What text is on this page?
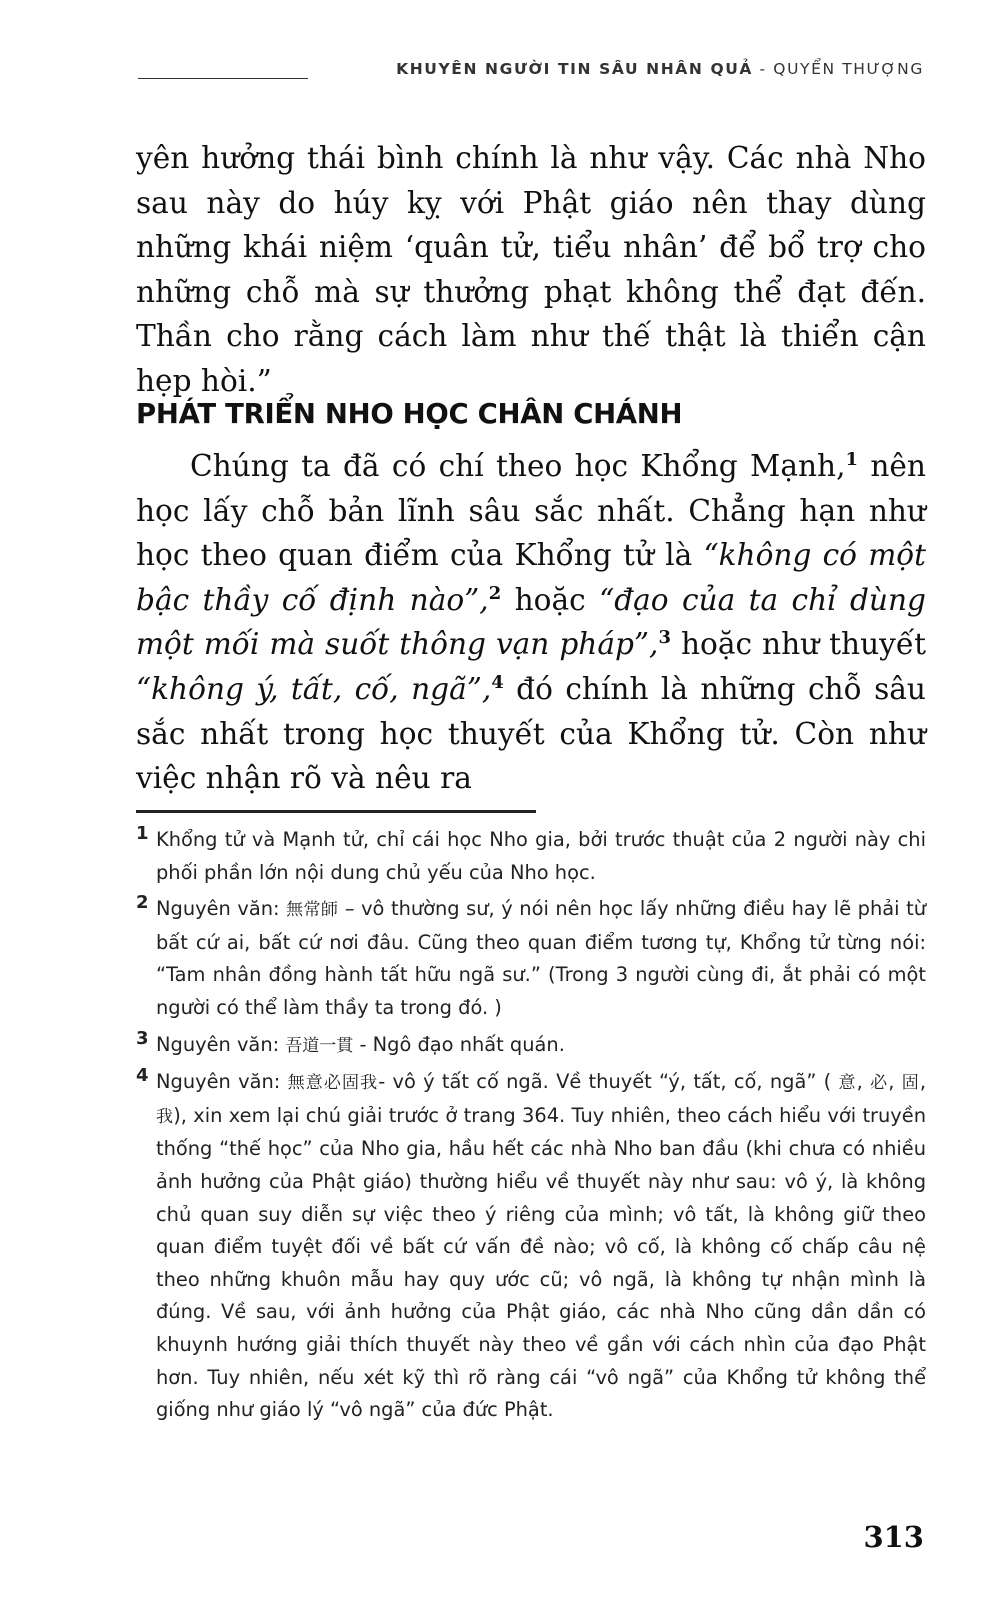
KHUYÊN NGƯỜI TIN SÂU NHÂN QUẢ - QUYỂN THƯỢNG

yên hưởng thái bình chính là như vậy. Các nhà Nho sau này do húy kỵ với Phật giáo nên thay dùng những khái niệm ‘quân tử, tiểu nhân’ để bổ trợ cho những chỗ mà sự thưởng phạt không thể đạt đến. Thần cho rằng cách làm như thế thật là thiển cận hẹp hòi.”

PHÁT TRIỂN NHO HỌC CHÂN CHÁNH

Chúng ta đã có chí theo học Khổng Mạnh,$^1$ nên học lấy chỗ bản lĩnh sâu sắc nhất. Chẳng hạn như học theo quan điểm của Khổng tử là “không có một bậc thầy cố định nào”,$^2$ hoặc “đạo của ta chỉ dùng một mối mà suốt thông vạn pháp”,$^3$ hoặc như thuyết “không ý, tất, cố, ngã”,$^4$ đó chính là những chỗ sâu sắc nhất trong học thuyết của Khổng tử. Còn như việc nhận rõ và nêu ra

1 Khổng tử và Mạnh tử, chỉ cái học Nho gia, bởi trước thuật của 2 người này chi phối phần lớn nội dung chủ yếu của Nho học.
2 Nguyên văn: 無常師 – vô thường sư, ý nói nên học lấy những điều hay lẽ phải từ bất cứ ai, bất cứ nơi đâu. Cũng theo quan điểm tương tự, Khổng tử từng nói: “Tam nhân đồng hành tất hữu ngã sư.” (Trong 3 người cùng đi, ắt phải có một người có thể làm thầy ta trong đó. )
3 Nguyên văn: 吾道一貫 - Ngô đạo nhất quán.
4 Nguyên văn: 無意必固我- vô ý tất cố ngã. Về thuyết “ý, tất, cố, ngã” ( 意, 必, 固, 我), xin xem lại chú giải trước ở trang 364. Tuy nhiên, theo cách hiểu với truyền thống “thế học” của Nho gia, hầu hết các nhà Nho ban đầu (khi chưa có nhiều ảnh hưởng của Phật giáo) thường hiểu về thuyết này như sau: vô ý, là không chủ quan suy diễn sự việc theo ý riêng của mình; vô tất, là không giữ theo quan điểm tuyệt đối về bất cứ vấn đề nào; vô cố, là không cố chấp câu nệ theo những khuôn mẫu hay quy ước cũ; vô ngã, là không tự nhận mình là đúng. Về sau, với ảnh hưởng của Phật giáo, các nhà Nho cũng dần dần có khuynh hướng giải thích thuyết này theo về gần với cách nhìn của đạo Phật hơn. Tuy nhiên, nếu xét kỹ thì rõ ràng cái “vô ngã” của Khổng tử không thể giống như giáo lý “vô ngã” của đức Phật.
313
